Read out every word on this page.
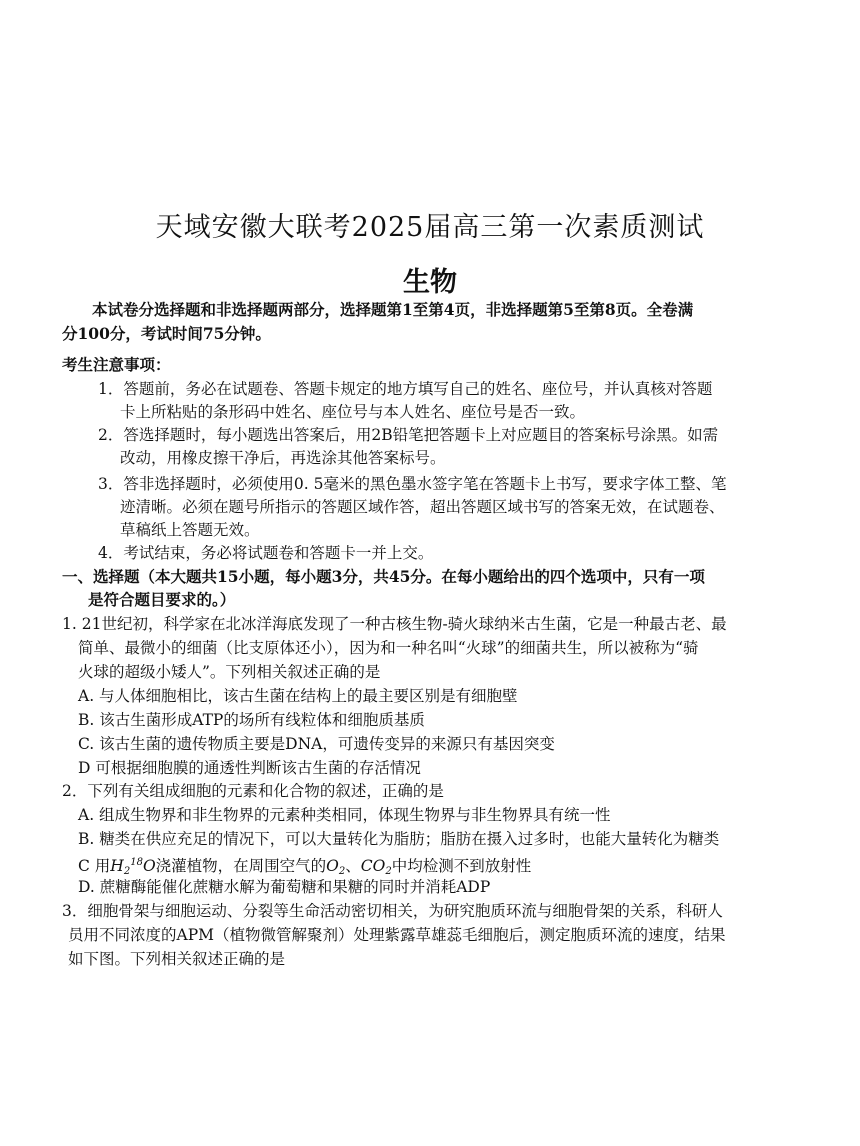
天域安徽大联考2025届高三第一次素质测试
生物
本试卷分选择题和非选择题两部分，选择题第1至第4页，非选择题第5至第8页。全卷满
分100分，考试时间75分钟。
考生注意事项：
1．答题前，务必在试题卷、答题卡规定的地方填写自己的姓名、座位号，并认真核对答题
卡上所粘贴的条形码中姓名、座位号与本人姓名、座位号是否一致。
2．答选择题时，每小题选出答案后，用2B铅笔把答题卡上对应题目的答案标号涂黑。如需
改动，用橡皮擦干净后，再选涂其他答案标号。
3．答非选择题时，必须使用0. 5毫米的黑色墨水签字笔在答题卡上书写，要求字体工整、笔
迹清晰。必须在题号所指示的答题区域作答，超出答题区域书写的答案无效，在试题卷、
草稿纸上答题无效。
4．考试结束，务必将试题卷和答题卡一并上交。
一、选择题（本大题共15小题，每小题3分，共45分。在每小题给出的四个选项中，只有一项
是符合题目要求的。）
1. 21世纪初，科学家在北冰洋海底发现了一种古核生物-骑火球纳米古生菌，它是一种最古老、最
简单、最微小的细菌（比支原体还小），因为和一种名叫“火球”的细菌共生，所以被称为“骑
火球的超级小矮人”。下列相关叙述正确的是
A. 与人体细胞相比，该古生菌在结构上的最主要区别是有细胞壁
B. 该古生菌形成ATP的场所有线粒体和细胞质基质
C. 该古生菌的遗传物质主要是DNA，可遗传变异的来源只有基因突变
D 可根据细胞膜的通透性判断该古生菌的存活情况
2．下列有关组成细胞的元素和化合物的叙述，正确的是
A. 组成生物界和非生物界的元素种类相同，体现生物界与非生物界具有统一性
B. 糖类在供应充足的情况下，可以大量转化为脂肪；脂肪在摄入过多时，也能大量转化为糖类
C 用$H_2^{18}O$浇灌植物，在周围空气的$O_2$、$CO_2$中均检测不到放射性
D. 蔗糖酶能催化蔗糖水解为葡萄糖和果糖的同时并消耗ADP
3．细胞骨架与细胞运动、分裂等生命活动密切相关，为研究胞质环流与细胞骨架的关系，科研人
员用不同浓度的APM（植物微管解聚剂）处理紫露草雄蕊毛细胞后，测定胞质环流的速度，结果
如下图。下列相关叙述正确的是
